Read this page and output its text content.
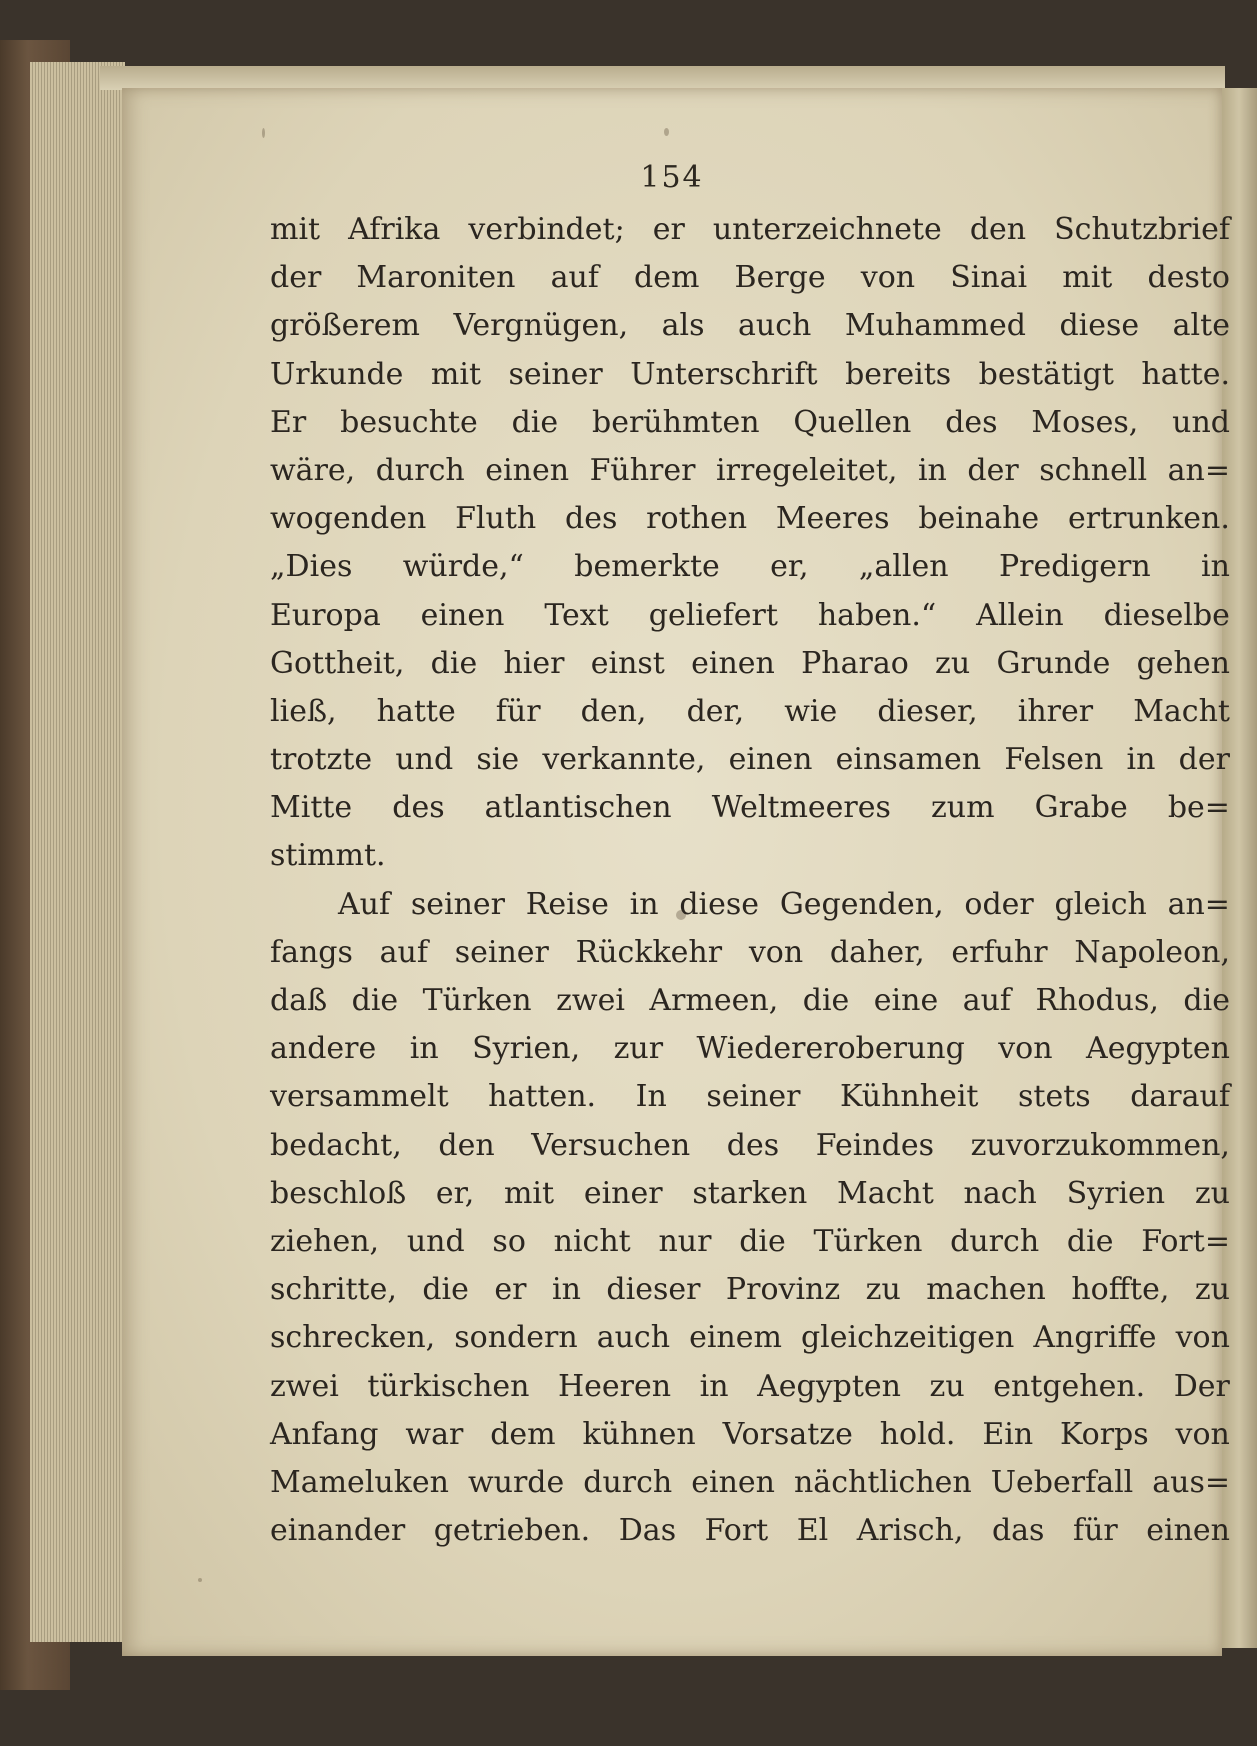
154
mit Afrika verbindet; er unterzeichnete den Schutzbrief
der Maroniten auf dem Berge von Sinai mit desto
größerem Vergnügen, als auch Muhammed diese alte
Urkunde mit seiner Unterschrift bereits bestätigt hatte.
Er besuchte die berühmten Quellen des Moses, und
wäre, durch einen Führer irregeleitet, in der schnell an=
wogenden Fluth des rothen Meeres beinahe ertrunken.
„Dies würde,“ bemerkte er, „allen Predigern in
Europa einen Text geliefert haben.“ Allein dieselbe
Gottheit, die hier einst einen Pharao zu Grunde gehen
ließ, hatte für den, der, wie dieser, ihrer Macht
trotzte und sie verkannte, einen einsamen Felsen in der
Mitte des atlantischen Weltmeeres zum Grabe be=
stimmt.
Auf seiner Reise in diese Gegenden, oder gleich an=
fangs auf seiner Rückkehr von daher, erfuhr Napoleon,
daß die Türken zwei Armeen, die eine auf Rhodus, die
andere in Syrien, zur Wiedereroberung von Aegypten
versammelt hatten. In seiner Kühnheit stets darauf
bedacht, den Versuchen des Feindes zuvorzukommen,
beschloß er, mit einer starken Macht nach Syrien zu
ziehen, und so nicht nur die Türken durch die Fort=
schritte, die er in dieser Provinz zu machen hoffte, zu
schrecken, sondern auch einem gleichzeitigen Angriffe von
zwei türkischen Heeren in Aegypten zu entgehen. Der
Anfang war dem kühnen Vorsatze hold. Ein Korps von
Mameluken wurde durch einen nächtlichen Ueberfall aus=
einander getrieben. Das Fort El Arisch, das für einen
